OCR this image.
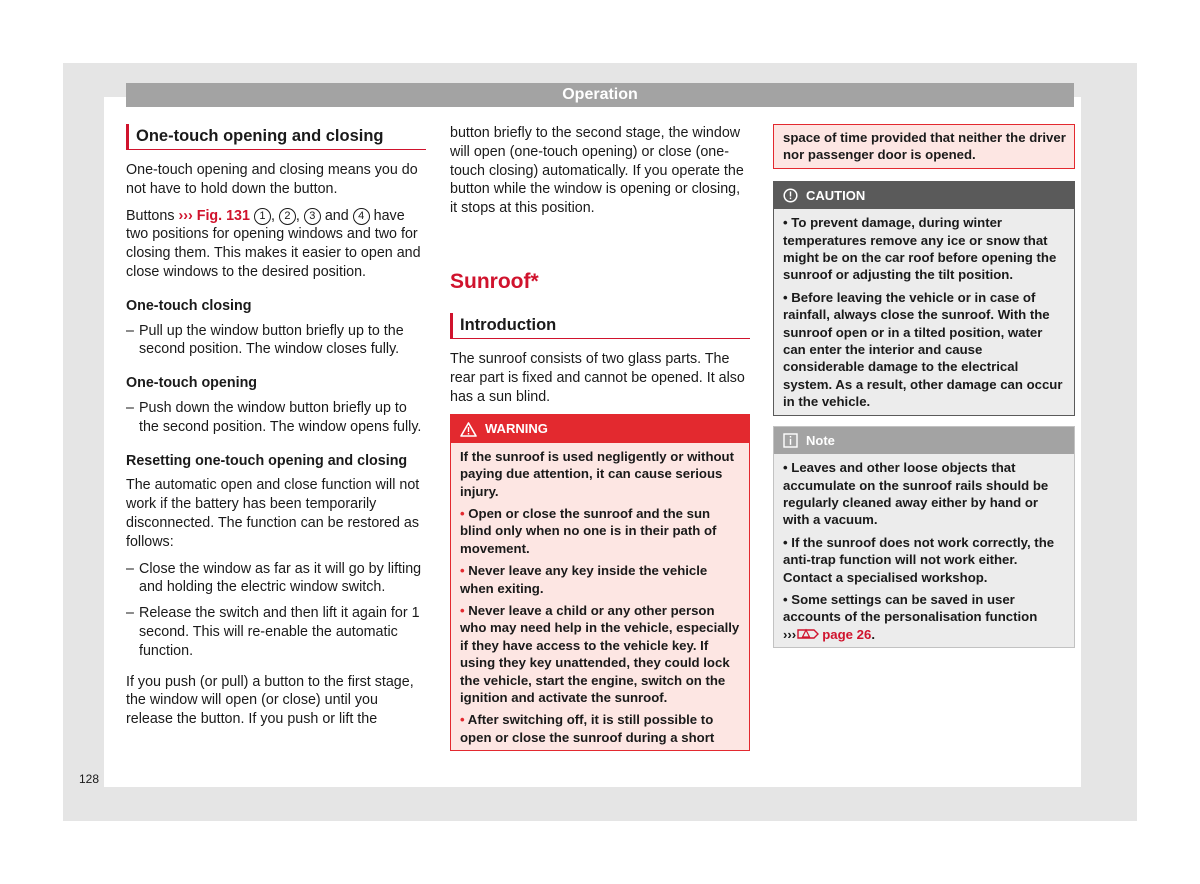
Operation
One-touch opening and closing

One-touch opening and closing means you do not have to hold down the button.

Buttons ››› Fig. 131 1 , 2 , 3 and 4 have two positions for opening windows and two for closing them. This makes it easier to open and close windows to the desired position.

One-touch closing
– Pull up the window button briefly up to the second position. The window closes fully.
One-touch opening
– Push down the window button briefly up to the second position. The window opens fully.
Resetting one-touch opening and closing

The automatic open and close function will not work if the battery has been temporarily disconnected. The function can be restored as follows:

– Close the window as far as it will go by lifting and holding the electric window switch.
– Release the switch and then lift it again for 1 second. This will re-enable the automatic function.

If you push (or pull) a button to the first stage, the window will open (or close) until you release the button. If you push or lift the

button briefly to the second stage, the window will open (one-touch opening) or close (one-touch closing) automatically. If you operate the button while the window is opening or closing, it stops at this position.

Sunroof*
Introduction

The sunroof consists of two glass parts. The rear part is fixed and cannot be opened. It also has a sun blind.

WARNING
If the sunroof is used negligently or without paying due attention, it can cause serious injury.
• Open or close the sunroof and the sun blind only when no one is in their path of movement.
• Never leave any key inside the vehicle when exiting.
• Never leave a child or any other person who may need help in the vehicle, especially if they have access to the vehicle key. If using they key unattended, they could lock the vehicle, start the engine, switch on the ignition and activate the sunroof.
• After switching off, it is still possible to open or close the sunroof during a short
space of time provided that neither the driver nor passenger door is opened.
CAUTION
• To prevent damage, during winter temperatures remove any ice or snow that might be on the car roof before opening the sunroof or adjusting the tilt position.
• Before leaving the vehicle or in case of rainfall, always close the sunroof. With the sunroof open or in a tilted position, water can enter the interior and cause considerable damage to the electrical system. As a result, other damage can occur in the vehicle.
Note
• Leaves and other loose objects that accumulate on the sunroof rails should be regularly cleaned away either by hand or with a vacuum.
• If the sunroof does not work correctly, the anti-trap function will not work either. Contact a specialised workshop.
• Some settings can be saved in user accounts of the personalisation function
››› page 26.
128
